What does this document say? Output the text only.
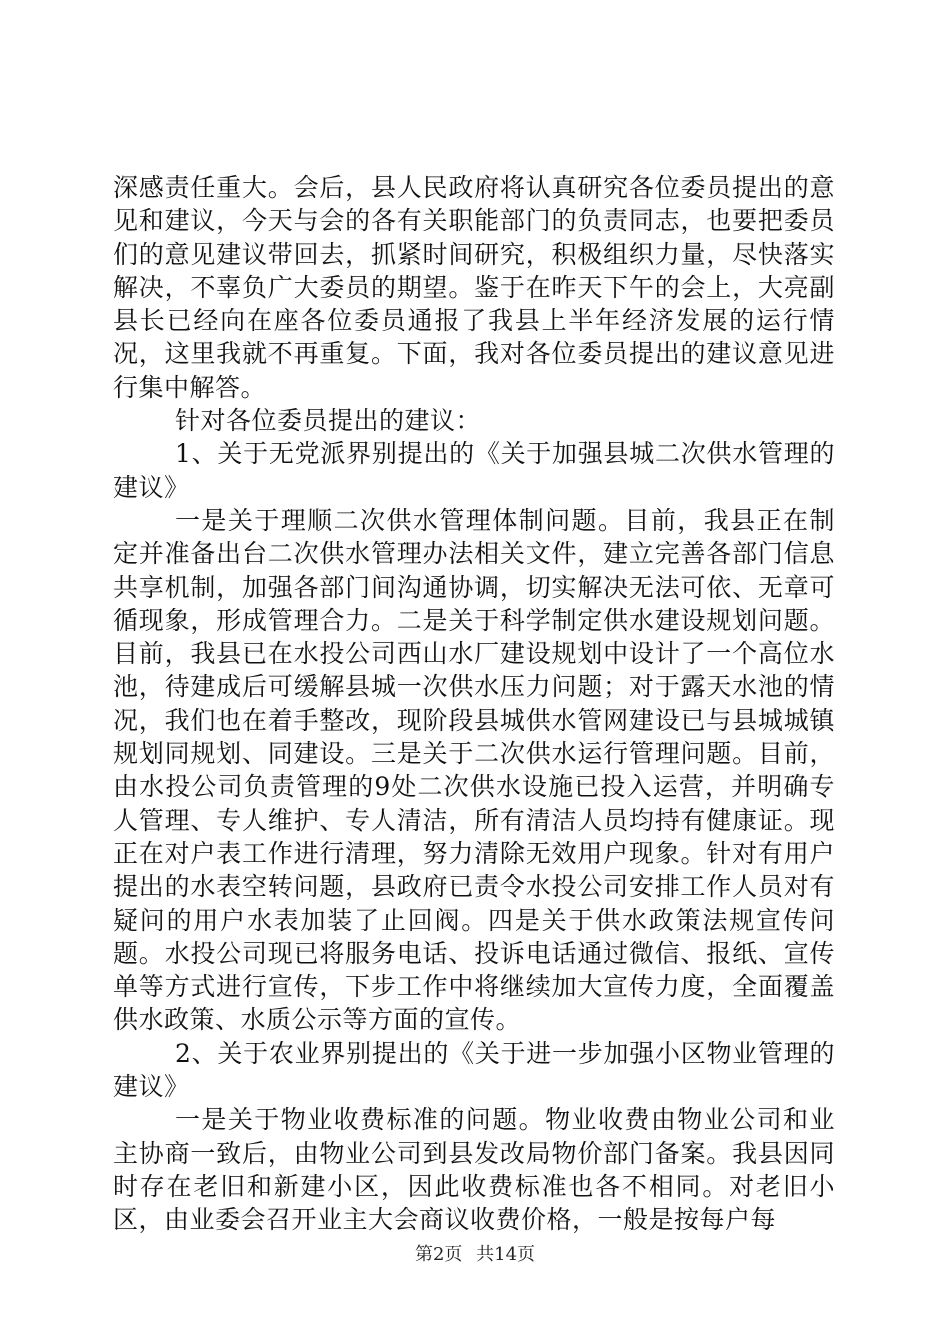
深感责任重大。会后，县人民政府将认真研究各位委员提出的意见和建议，今天与会的各有关职能部门的负责同志，也要把委员们的意见建议带回去，抓紧时间研究，积极组织力量，尽快落实解决，不辜负广大委员的期望。鉴于在昨天下午的会上，大亮副县长已经向在座各位委员通报了我县上半年经济发展的运行情况，这里我就不再重复。下面，我对各位委员提出的建议意见进行集中解答。

针对各位委员提出的建议：

1、关于无党派界别提出的《关于加强县城二次供水管理的建议》

一是关于理顺二次供水管理体制问题。目前，我县正在制定并准备出台二次供水管理办法相关文件，建立完善各部门信息共享机制，加强各部门间沟通协调，切实解决无法可依、无章可循现象，形成管理合力。二是关于科学制定供水建设规划问题。目前，我县已在水投公司西山水厂建设规划中设计了一个高位水池，待建成后可缓解县城一次供水压力问题；对于露天水池的情况，我们也在着手整改，现阶段县城供水管网建设已与县城城镇规划同规划、同建设。三是关于二次供水运行管理问题。目前，由水投公司负责管理的9处二次供水设施已投入运营，并明确专人管理、专人维护、专人清洁，所有清洁人员均持有健康证。现正在对户表工作进行清理，努力清除无效用户现象。针对有用户提出的水表空转问题，县政府已责令水投公司安排工作人员对有疑问的用户水表加装了止回阀。四是关于供水政策法规宣传问题。水投公司现已将服务电话、投诉电话通过微信、报纸、宣传单等方式进行宣传，下步工作中将继续加大宣传力度，全面覆盖供水政策、水质公示等方面的宣传。

2、关于农业界别提出的《关于进一步加强小区物业管理的建议》

一是关于物业收费标准的问题。物业收费由物业公司和业主协商一致后，由物业公司到县发改局物价部门备案。我县因同时存在老旧和新建小区，因此收费标准也各不相同。对老旧小区，由业委会召开业主大会商议收费价格，一般是按每户每

第2页 共14页
